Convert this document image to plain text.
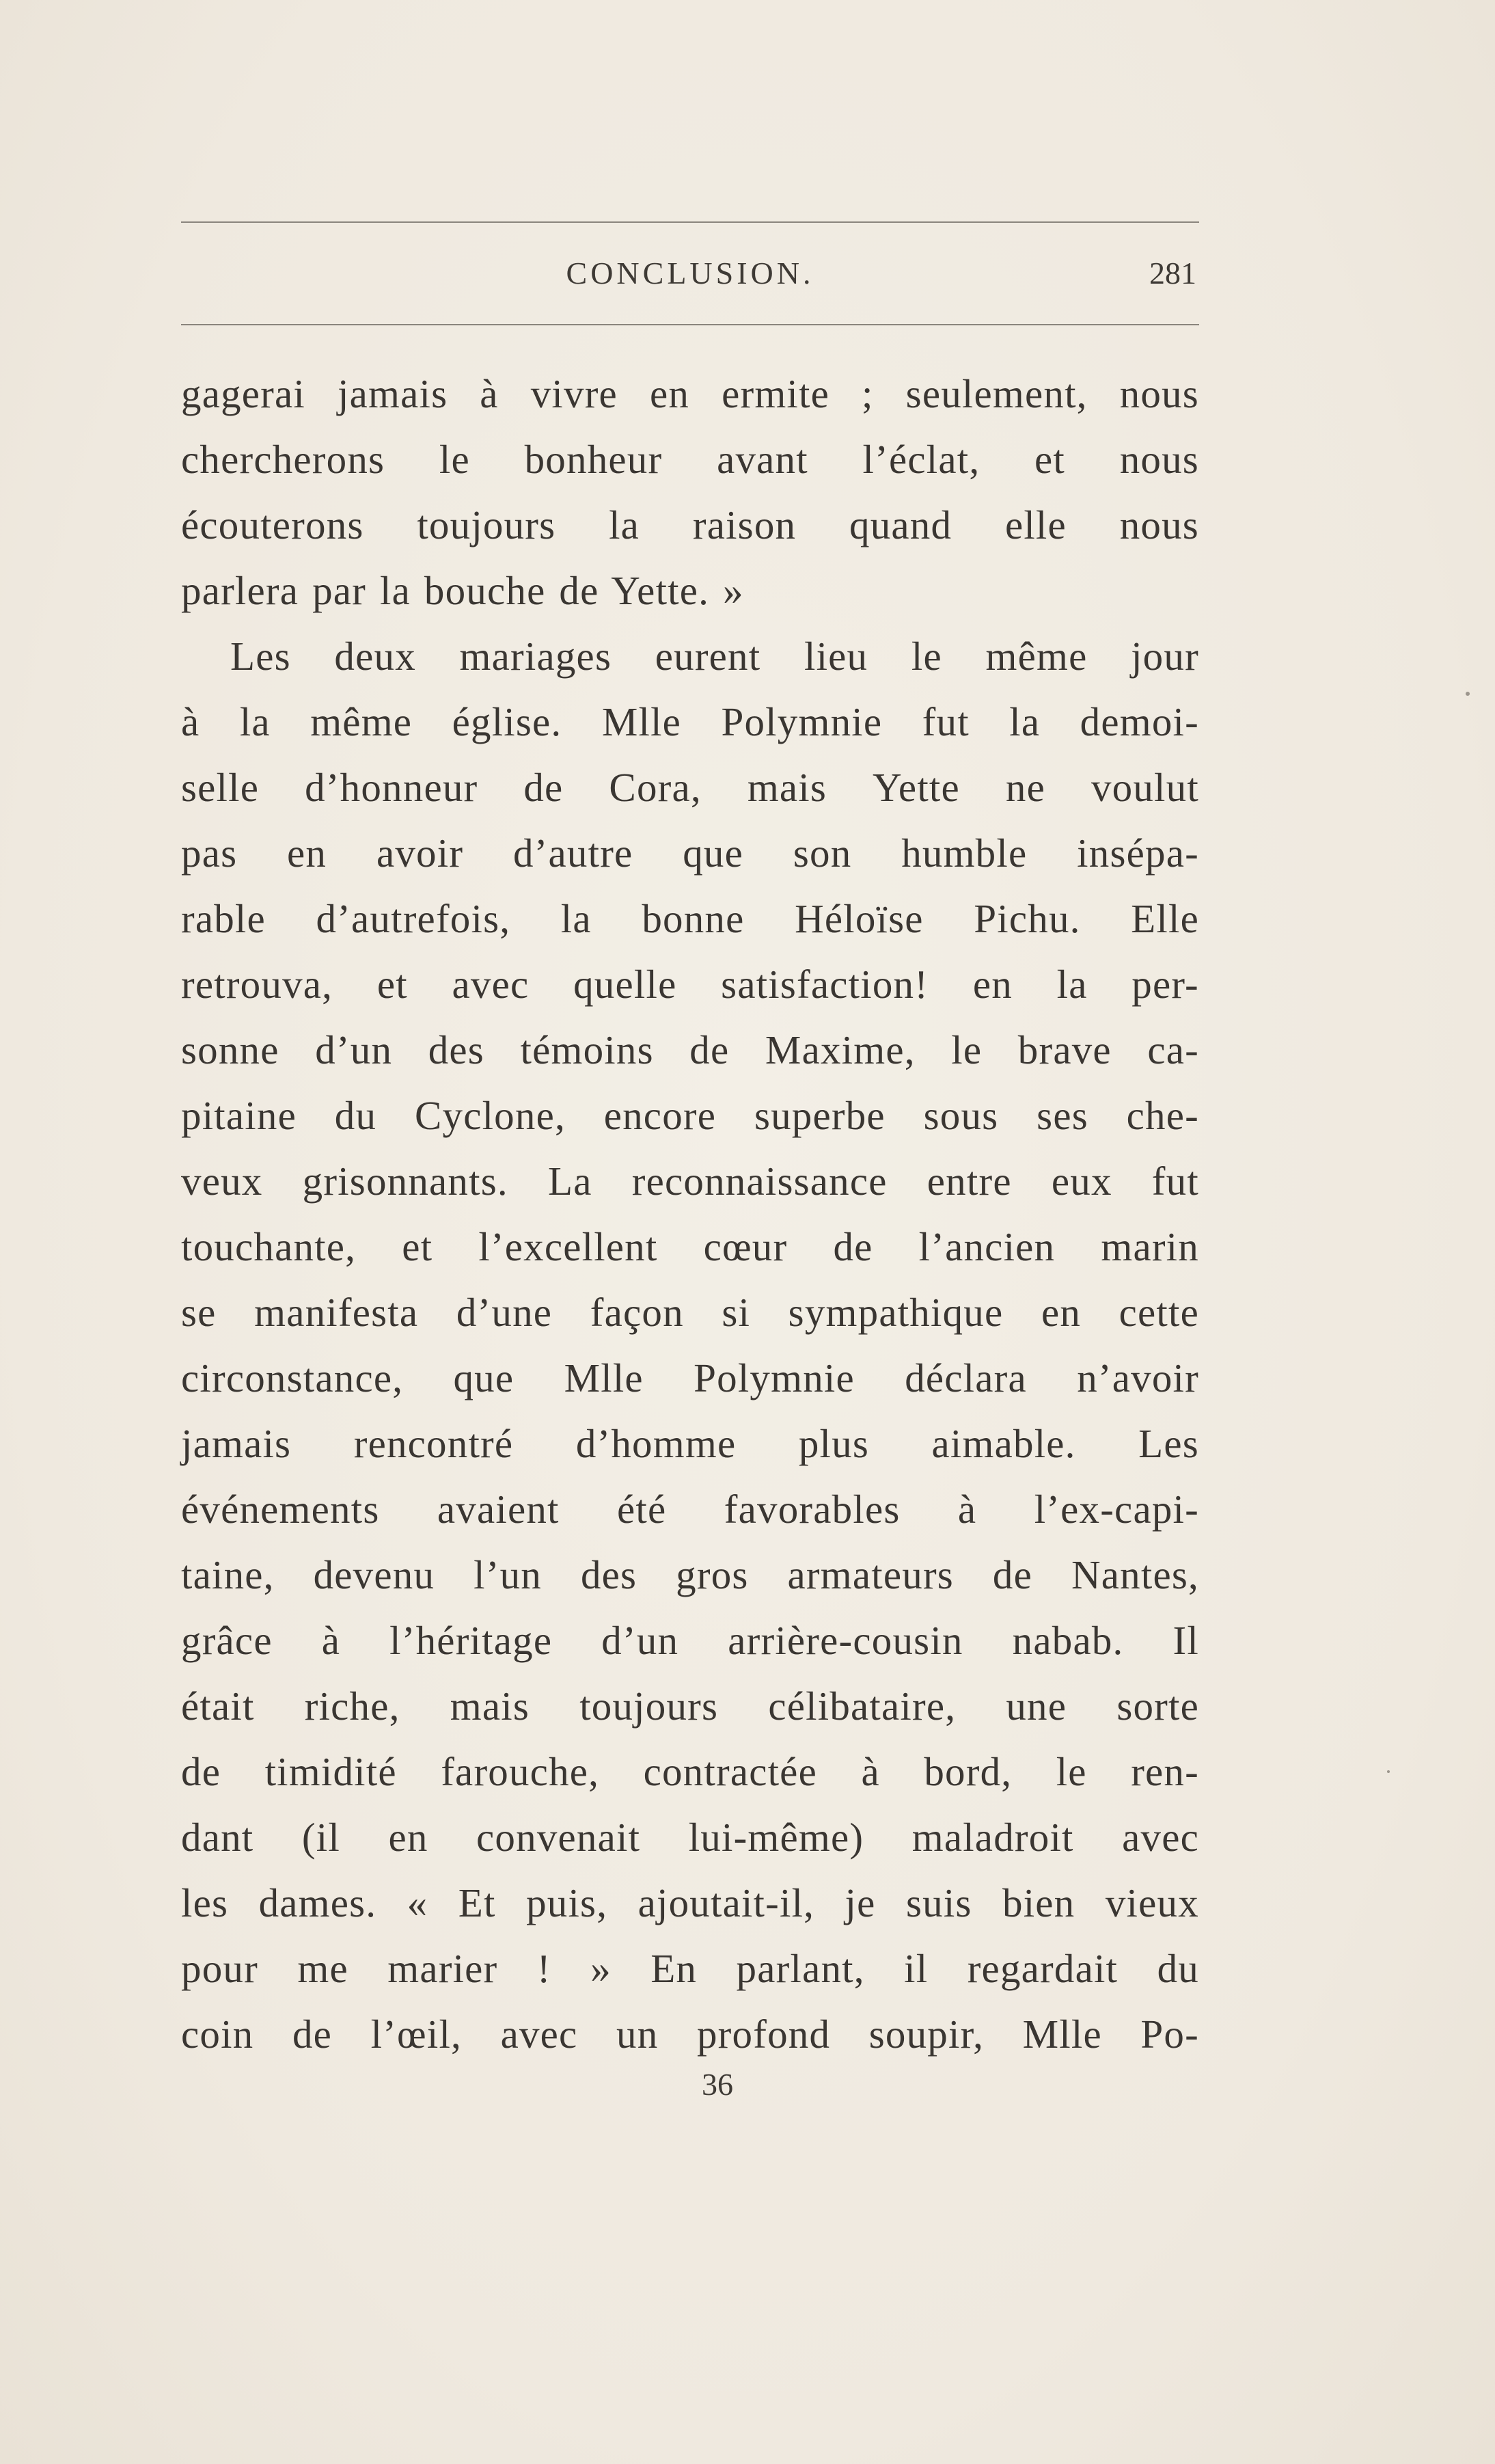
CONCLUSION.	281
gagerai jamais à vivre en ermite ; seulement, nous
chercherons le bonheur avant l’éclat, et nous
écouterons toujours la raison quand elle nous
parlera par la bouche de Yette. »
Les deux mariages eurent lieu le même jour
à la même église. Mlle Polymnie fut la demoi-
selle d’honneur de Cora, mais Yette ne voulut
pas en avoir d’autre que son humble insépa-
rable d’autrefois, la bonne Héloïse Pichu. Elle
retrouva, et avec quelle satisfaction! en la per-
sonne d’un des témoins de Maxime, le brave ca-
pitaine du Cyclone, encore superbe sous ses che-
veux grisonnants. La reconnaissance entre eux fut
touchante, et l’excellent cœur de l’ancien marin
se manifesta d’une façon si sympathique en cette
circonstance, que Mlle Polymnie déclara n’avoir
jamais rencontré d’homme plus aimable. Les
événements avaient été favorables à l’ex-capi-
taine, devenu l’un des gros armateurs de Nantes,
grâce à l’héritage d’un arrière-cousin nabab. Il
était riche, mais toujours célibataire, une sorte
de timidité farouche, contractée à bord, le ren-
dant (il en convenait lui-même) maladroit avec
les dames. « Et puis, ajoutait-il, je suis bien vieux
pour me marier ! » En parlant, il regardait du
coin de l’œil, avec un profond soupir, Mlle Po-
36
